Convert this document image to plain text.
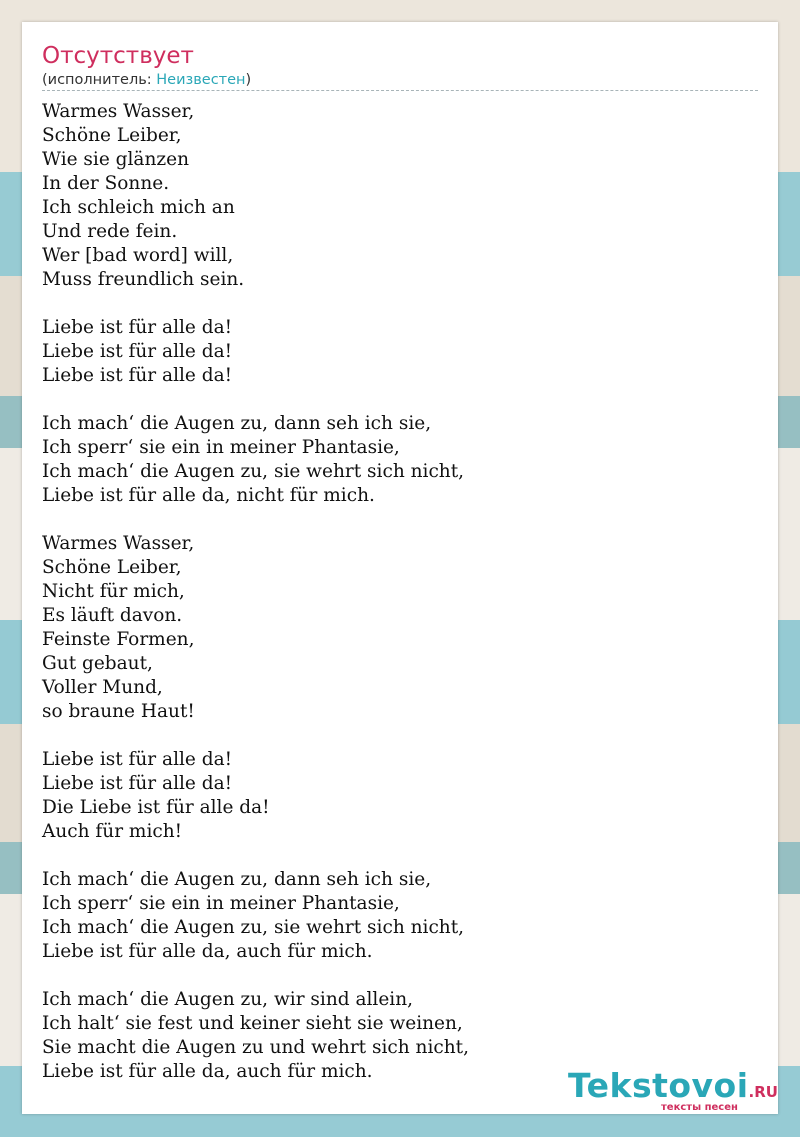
Отсутствует
(исполнитель: Неизвестен)
Warmes Wasser,
Schöne Leiber,
Wie sie glänzen
In der Sonne.
Ich schleich mich an
Und rede fein.
Wer [bad word] will,
Muss freundlich sein.
Liebe ist für alle da!
Liebe ist für alle da!
Liebe ist für alle da!
Ich mach‘ die Augen zu, dann seh ich sie,
Ich sperr‘ sie ein in meiner Phantasie,
Ich mach‘ die Augen zu, sie wehrt sich nicht,
Liebe ist für alle da, nicht für mich.
Warmes Wasser,
Schöne Leiber,
Nicht für mich,
Es läuft davon.
Feinste Formen,
Gut gebaut,
Voller Mund,
so braune Haut!
Liebe ist für alle da!
Liebe ist für alle da!
Die Liebe ist für alle da!
Auch für mich!
Ich mach‘ die Augen zu, dann seh ich sie,
Ich sperr‘ sie ein in meiner Phantasie,
Ich mach‘ die Augen zu, sie wehrt sich nicht,
Liebe ist für alle da, auch für mich.
Ich mach‘ die Augen zu, wir sind allein,
Ich halt‘ sie fest und keiner sieht sie weinen,
Sie macht die Augen zu und wehrt sich nicht,
Liebe ist für alle da, auch für mich.	Tekstovoi.RU
тексты песен
